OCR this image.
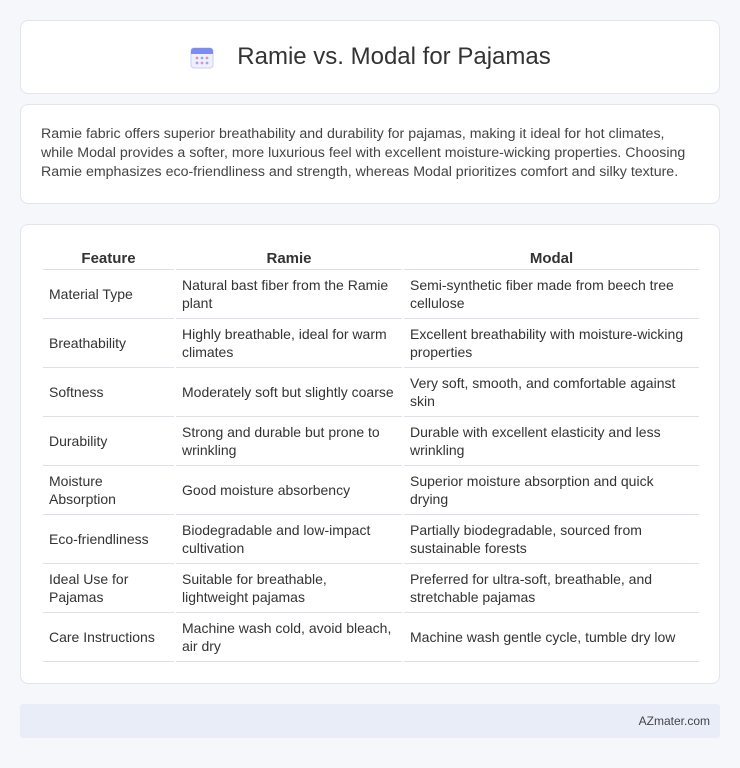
Ramie vs. Modal for Pajamas

Ramie fabric offers superior breathability and durability for pajamas, making it ideal for hot climates, while Modal provides a softer, more luxurious feel with excellent moisture-wicking properties. Choosing Ramie emphasizes eco-friendliness and strength, whereas Modal prioritizes comfort and silky texture.

Feature	Ramie	Modal
Material Type	Natural bast fiber from the Ramie plant	Semi-synthetic fiber made from beech tree cellulose
Breathability	Highly breathable, ideal for warm climates	Excellent breathability with moisture-wicking properties
Softness	Moderately soft but slightly coarse	Very soft, smooth, and comfortable against skin
Durability	Strong and durable but prone to wrinkling	Durable with excellent elasticity and less wrinkling
Moisture Absorption	Good moisture absorbency	Superior moisture absorption and quick drying
Eco-friendliness	Biodegradable and low-impact cultivation	Partially biodegradable, sourced from sustainable forests
Ideal Use for Pajamas	Suitable for breathable, lightweight pajamas	Preferred for ultra-soft, breathable, and stretchable pajamas
Care Instructions	Machine wash cold, avoid bleach, air dry	Machine wash gentle cycle, tumble dry low
AZmater.com
